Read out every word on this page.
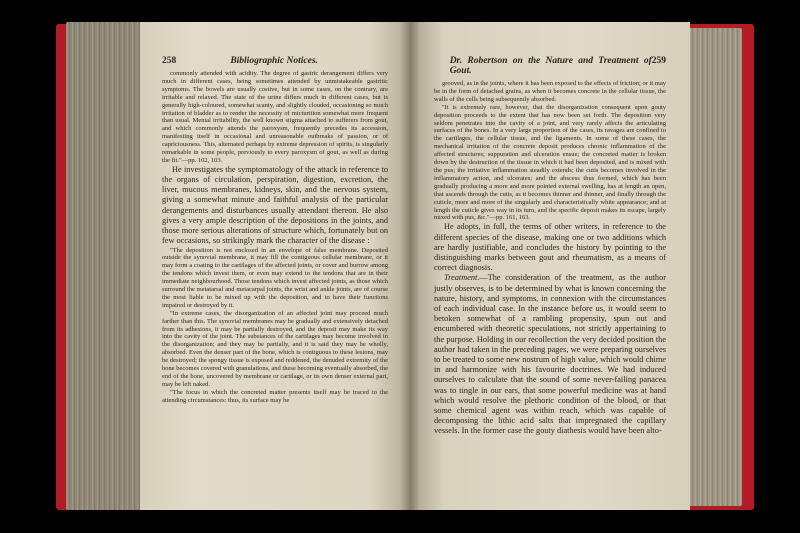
258	Bibliographic Notices.

commonly attended with acidity. The degree of gastric derangement differs very much in different cases, being sometimes attended by unmistakeable gastritic symptoms. The bowels are usually costive, but in some cases, on the contrary, are irritable and relaxed. The state of the urine differs much in different cases, but is generally high-coloured, somewhat scanty, and slightly clouded, occasioning so much irritation of bladder as to render the necessity of micturition somewhat more frequent than usual. Mental irritability, the well known stigma attached to sufferers from gout, and which commonly attends the paroxysm, frequently precedes its accession, manifesting itself in occasional and unreasonable outbreaks of passion, or of capriciousness. This, alternated perhaps by extreme depression of spirits, is singularly remarkable in some people, previously to every paroxysm of gout, as well as during the fit."—pp. 102, 103.

He investigates the symptomatology of the attack in reference to the organs of circulation, perspiration, digestion, excretion, the liver, mucous membranes, kidneys, skin, and the nervous system, giving a somewhat minute and faithful analysis of the particular derangements and disturbances usually attendant thereon. He also gives a very ample description of the depositions in the joints, and those more serious alterations of structure which, fortunately but on few occasions, so strikingly mark the character of the disease :

"The deposition is not enclosed in an envelope of false membrane. Deposited outside the synovial membrane, it may fill the contiguous cellular membrane, or it may form a coating to the cartilages of the affected joints, or cover and burrow among the tendons which invest them, or even may extend to the tendons that are in their immediate neighbourhood. Those tendons which invest affected joints, as those which surround the metatarsal and metacarpal joints, the wrist and ankle joints, are of course the most liable to be mixed up with the deposition, and to have their functions impaired or destroyed by it.

"In extreme cases, the disorganization of an affected joint may proceed much farther than this. The synovial membranes may be gradually and extensively detached from its adhesions, it may be partially destroyed, and the deposit may make its way into the cavity of the joint. The substances of the cartilages may become involved in the disorganization; and they may be partially, and it is said they may be wholly, absorbed. Even the denser part of the bone, which is contiguous to these lesions, may be destroyed; the spongy tissue is exposed and reddened, the denuded extremity of the bone becomes covered with granulations, and these becoming eventually absorbed, the end of the bone, uncovered by membrane or cartilage, or its own denser external part, may be left naked.

"The focus in which the concreted matter presents itself may be traced to the attending circumstances: thus, its surface may be

Dr. Robertson on the Nature and Treatment of Gout.
259

grooved, as in the joints, where it has been exposed to the effects of friction; or it may be in the form of detached grains, as when it becomes concrete in the cellular tissue, the walls of the cells being subsequently absorbed.

"It is extremely rare, however, that the disorganization consequent upon gouty deposition proceeds to the extent that has now been set forth. The deposition very seldom penetrates into the cavity of a joint, and very rarely affects the articulating surfaces of the bones. In a very large proportion of the cases, its ravages are confined to the cartilages, the cellular tissue, and the ligaments. In some of these cases, the mechanical irritation of the concrete deposit produces chronic inflammation of the affected structures; suppuration and ulceration ensue; the concreted matter is broken down by the destruction of the tissue in which it had been deposited, and is mixed with the pus; the irritative inflammation steadily extends; the cutis becomes involved in the inflammatory action, and ulcerates; and the abscess thus formed, which has been gradually producing a more and more pointed external swelling, has at length an open, that ascends through the cutis, as it becomes thinner and thinner, and finally through the cuticle, more and more of the singularly and characteristically white appearance; and at length the cuticle gives way in its turn, and the specific deposit makes its escape, largely mixed with pus, &c."—pp. 161, 163.

He adopts, in full, the terms of other writers, in reference to the different species of the disease, making one or two additions which are hardly justifiable, and concludes the history by pointing to the distinguishing marks between gout and rheumatism, as a means of correct diagnosis.

Treatment.—The consideration of the treatment, as the author justly observes, is to be determined by what is known concerning the nature, history, and symptoms, in connexion with the circumstances of each individual case. In the instance before us, it would seem to betoken somewhat of a rambling propensity, spun out and encumbered with theoretic speculations, not strictly appertaining to the purpose. Holding in our recollection the very decided position the author had taken in the preceding pages, we were preparing ourselves to be treated to some new nostrum of high value, which would chime in and harmonize with his favourite doctrines. We had induced ourselves to calculate that the sound of some never-failing panacea was to tingle in our ears, that some powerful medicine was at hand which would resolve the plethoric condition of the blood, or that some chemical agent was within reach, which was capable of decomposing the lithic acid salts that impregnated the capillary vessels. In the former case the gouty diathesis would have been alto-
